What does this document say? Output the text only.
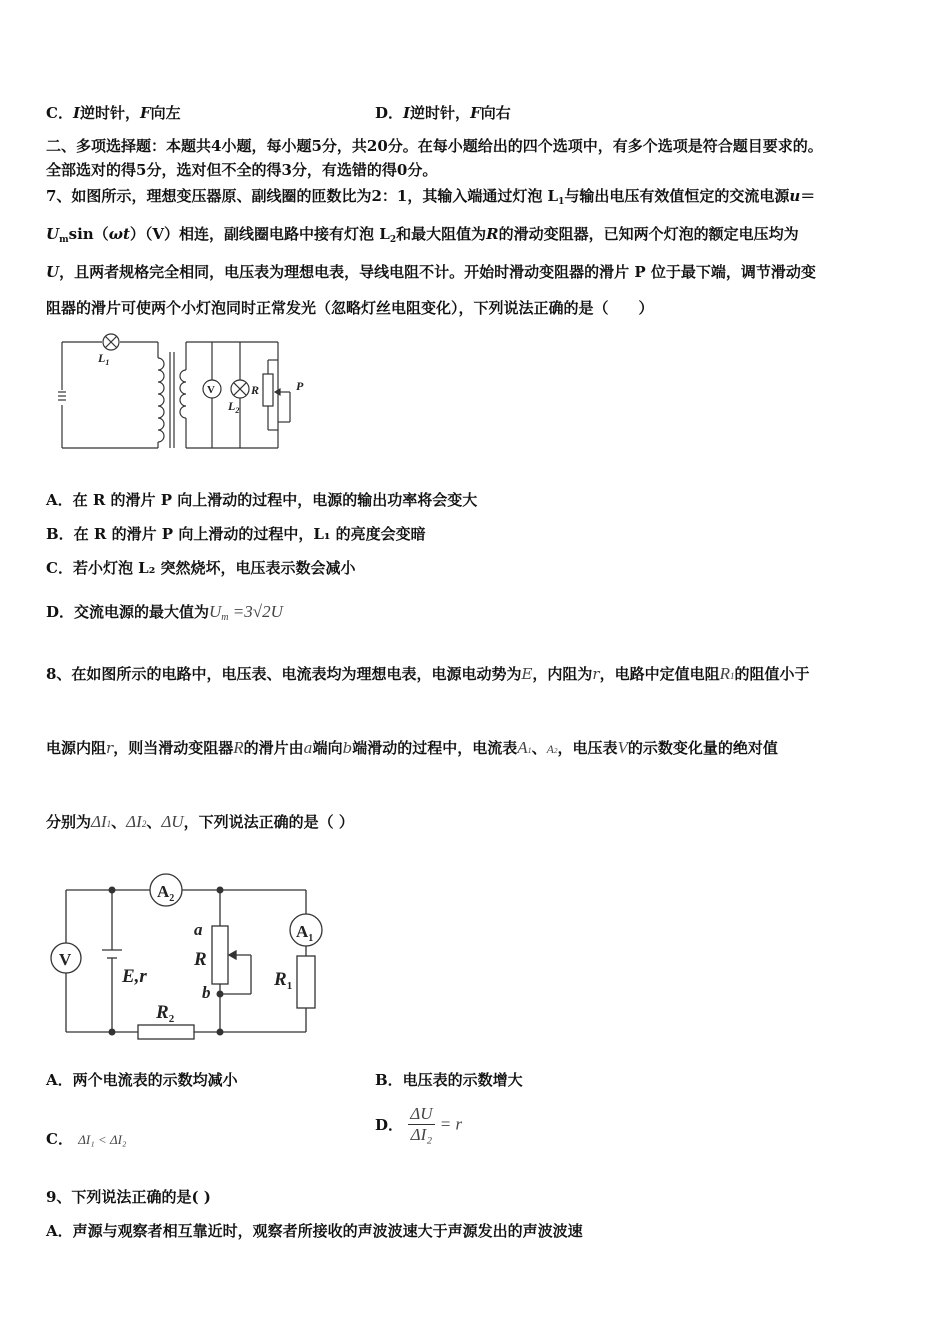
C．I逆时针，F向左	D．I逆时针，F向右
二、多项选择题：本题共4小题，每小题5分，共20分。在每小题给出的四个选项中，有多个选项是符合题目要求的。
全部选对的得5分，选对但不全的得3分，有选错的得0分。
7、如图所示，理想变压器原、副线圈的匝数比为2：1，其输入端通过灯泡 $L_1$与输出电压有效值恒定的交流电源u＝
$U_m\sin(\omega t)(V)$相连，副线圈电路中接有灯泡 $L_2$和最大阻值为R的滑动变阻器，已知两个灯泡的额定电压均为
U，且两者规格完全相同，电压表为理想电表，导线电阻不计。开始时滑动变阻器的滑片 P 位于最下端，调节滑动变
阻器的滑片可使两个小灯泡同时正常发光（忽略灯丝电阻变化），下列说法正确的是（　　）
$L_1$
V
$L_2$
R	P
A．在 R 的滑片 P 向上滑动的过程中，电源的输出功率将会变大
B．在 R 的滑片 P 向上滑动的过程中，L₁ 的亮度会变暗
C．若小灯泡 L₂ 突然烧坏，电压表示数会减小
D．交流电源的最大值为Um =3√2U
8、在如图所示的电路中，电压表、电流表均为理想电表，电源电动势为E，内阻为r，电路中定值电阻R1的阻值小于
电源内阻r，则当滑动变阻器R的滑片由a端向b端滑动的过程中，电流表A1、A2，电压表V的示数变化量的绝对值
分别为ΔI1、ΔI2、ΔU，下列说法正确的是（ ）
$A_2$
$A_1$
V
E,r
a
R
b
$R_1$
$R_2$
A．两个电流表的示数均减小	B．电压表的示数增大
C． ΔI₁ < ΔI₂
D． $\frac{\Delta U}{\text{ΔI₂}} = r$
9、下列说法正确的是( )
A．声源与观察者相互靠近时，观察者所接收的声波波速大于声源发出的声波波速
